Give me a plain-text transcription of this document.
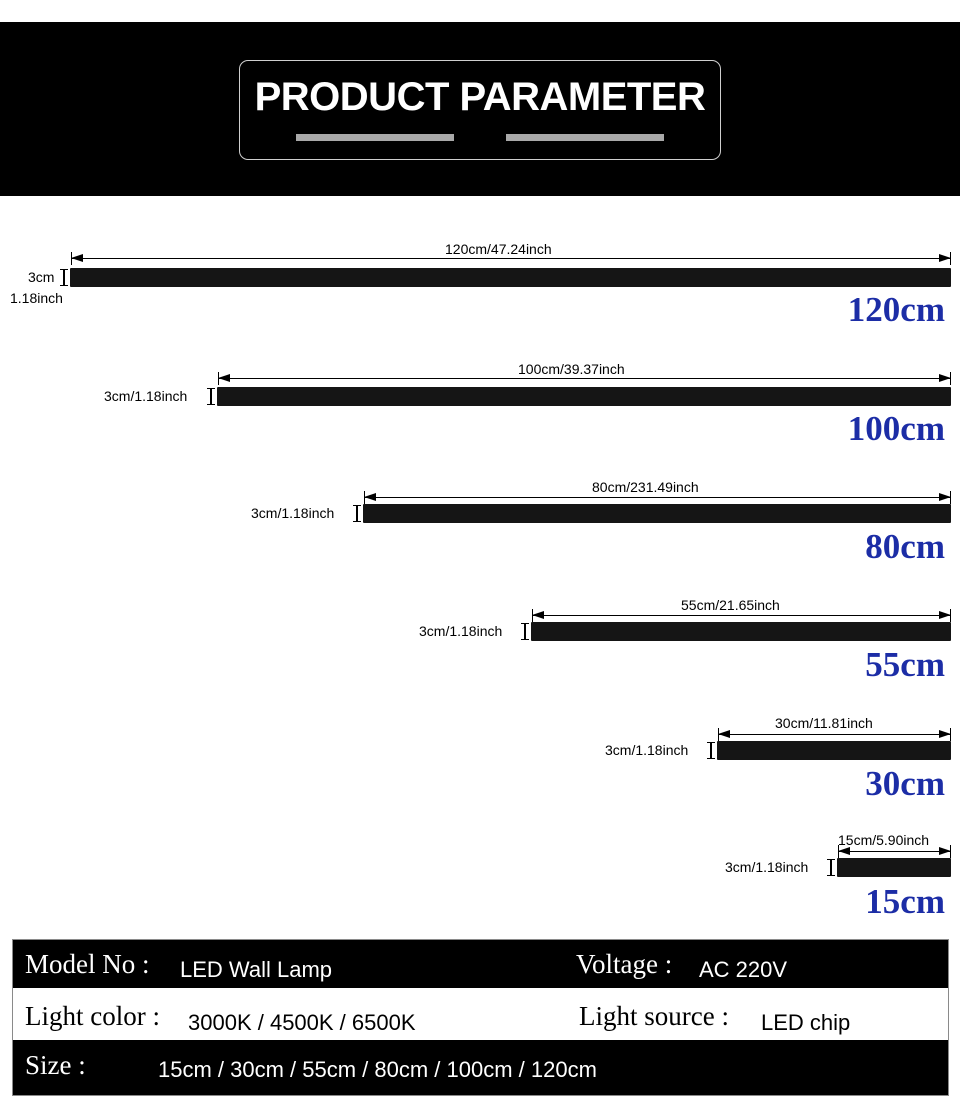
PRODUCT PARAMETER
120cm/47.24inch
3cm
1.18inch	120cm
100cm/39.37inch
3cm/1.18inch
100cm
80cm/231.49inch
3cm/1.18inch
80cm
55cm/21.65inch
3cm/1.18inch
55cm
30cm/11.81inch
3cm/1.18inch
30cm
15cm/5.90inch
3cm/1.18inch
15cm
Model No : LED Wall Lamp	Voltage : AC 220V
Light color : 3000K / 4500K / 6500K	Light source : LED chip
Size :	15cm / 30cm / 55cm / 80cm / 100cm / 120cm
